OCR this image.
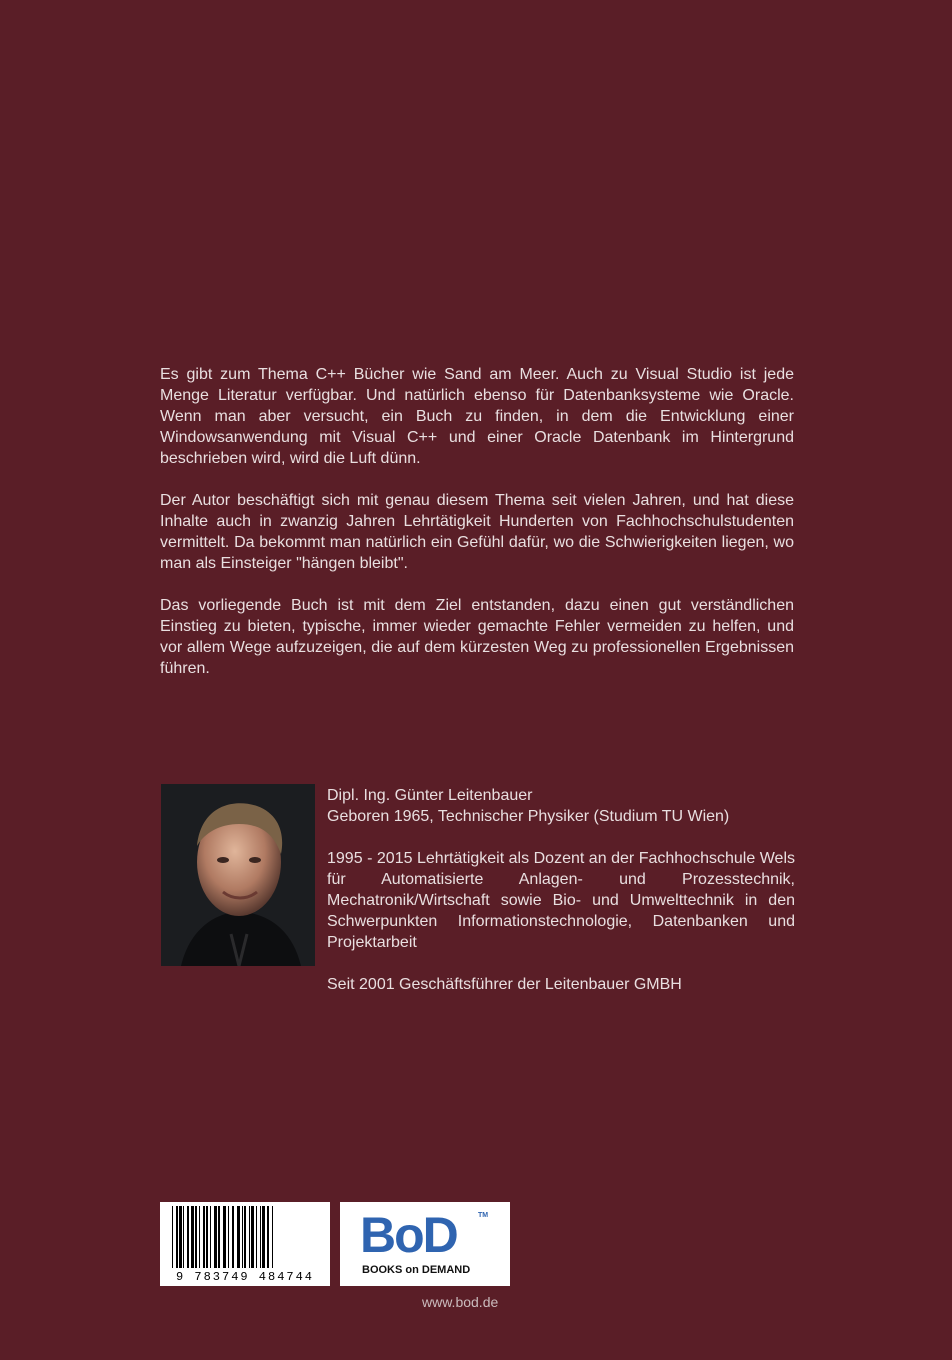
Es gibt zum Thema C++ Bücher wie Sand am Meer. Auch zu Visual Studio ist jede Menge Literatur verfügbar. Und natürlich ebenso für Datenbanksysteme wie Oracle. Wenn man aber versucht, ein Buch zu finden, in dem die Entwicklung einer Windowsanwendung mit Visual C++ und einer Oracle Datenbank im Hintergrund beschrieben wird, wird die Luft dünn.

Der Autor beschäftigt sich mit genau diesem Thema seit vielen Jahren, und hat diese Inhalte auch in zwanzig Jahren Lehrtätigkeit Hunderten von Fachhochschulstudenten vermittelt. Da bekommt man natürlich ein Gefühl dafür, wo die Schwierigkeiten liegen, wo man als Einsteiger "hängen bleibt".

Das vorliegende Buch ist mit dem Ziel entstanden, dazu einen gut verständlichen Einstieg zu bieten, typische, immer wieder gemachte Fehler vermeiden zu helfen, und vor allem Wege aufzuzeigen, die auf dem kürzesten Weg zu professionellen Ergebnissen führen.

Dipl. Ing. Günter Leitenbauer
Geboren 1965, Technischer Physiker (Studium TU Wien)

1995 - 2015 Lehrtätigkeit als Dozent an der Fachhochschule Wels für Automatisierte Anlagen- und Prozesstechnik, Mechatronik/Wirtschaft sowie Bio- und Umwelttechnik in den Schwerpunkten Informationstechnologie, Datenbanken und Projektarbeit

Seit 2001 Geschäftsführer der Leitenbauer GMBH

9 783749 484744
BoD	TM
BOOKS on DEMAND
www.bod.de
